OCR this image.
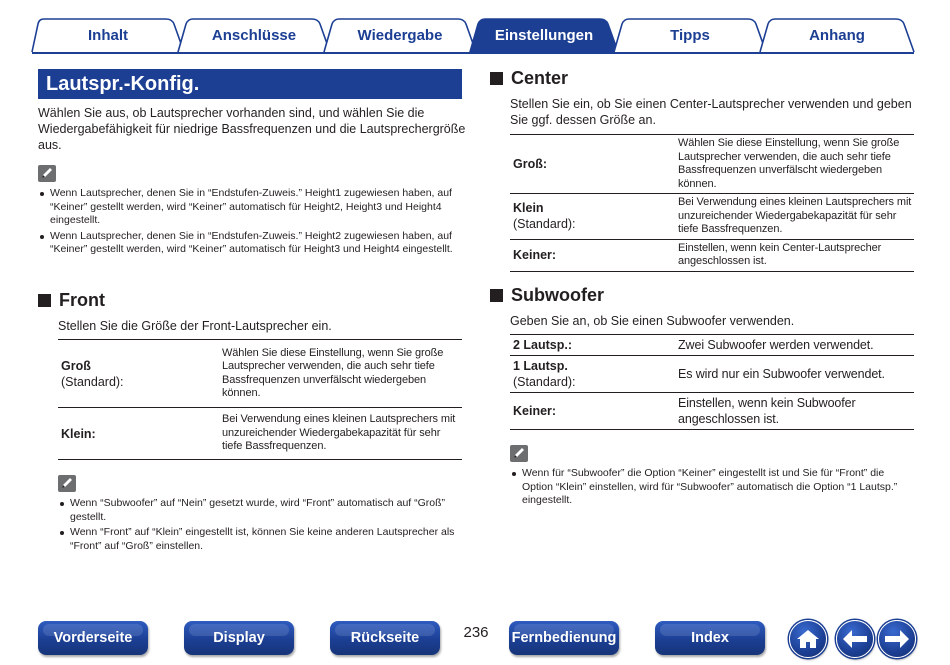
Inhalt	Anschlüsse	Wiedergabe	Einstellungen	Tipps	Anhang
Lautspr.-Konfig.

Wählen Sie aus, ob Lautsprecher vorhanden sind, und wählen Sie die Wiedergabefähigkeit für niedrige Bassfrequenzen und die Lautsprechergröße aus.

Wenn Lautsprecher, denen Sie in “Endstufen-Zuweis.” Height1 zugewiesen haben, auf “Keiner” gestellt werden, wird “Keiner” automatisch für Height2, Height3 und Height4 eingestellt.
Wenn Lautsprecher, denen Sie in “Endstufen-Zuweis.” Height2 zugewiesen haben, auf “Keiner” gestellt werden, wird “Keiner” automatisch für Height3 und Height4 eingestellt.
Front

Stellen Sie die Größe der Front-Lautsprecher ein.

Groß
(Standard):	Wählen Sie diese Einstellung, wenn Sie große Lautsprecher verwenden, die auch sehr tiefe Bassfrequenzen unverfälscht wiedergeben können.
Klein:	Bei Verwendung eines kleinen Lautsprechers mit unzureichender Wiedergabekapazität für sehr tiefe Bassfrequenzen.
Wenn “Subwoofer” auf “Nein” gesetzt wurde, wird “Front” automatisch auf “Groß” gestellt.
Wenn “Front” auf “Klein” eingestellt ist, können Sie keine anderen Lautsprecher als “Front” auf “Groß” einstellen.
Center

Stellen Sie ein, ob Sie einen Center-Lautsprecher verwenden und geben Sie ggf. dessen Größe an.

Groß:	Wählen Sie diese Einstellung, wenn Sie große Lautsprecher verwenden, die auch sehr tiefe Bassfrequenzen unverfälscht wiedergeben können.
Klein
(Standard):	Bei Verwendung eines kleinen Lautsprechers mit unzureichender Wiedergabekapazität für sehr tiefe Bassfrequenzen.
Keiner:	Einstellen, wenn kein Center-Lautsprecher angeschlossen ist.
Subwoofer

Geben Sie an, ob Sie einen Subwoofer verwenden.

2 Lautsp.:	Zwei Subwoofer werden verwendet.
1 Lautsp.
(Standard):	Es wird nur ein Subwoofer verwendet.
Keiner:	Einstellen, wenn kein Subwoofer angeschlossen ist.
Wenn für “Subwoofer” die Option “Keiner” eingestellt ist und Sie für “Front” die Option “Klein” einstellen, wird für “Subwoofer” automatisch die Option “1 Lautsp.” eingestellt.
Vorderseite	Display	Rückseite	236	Fernbedienung	Index
